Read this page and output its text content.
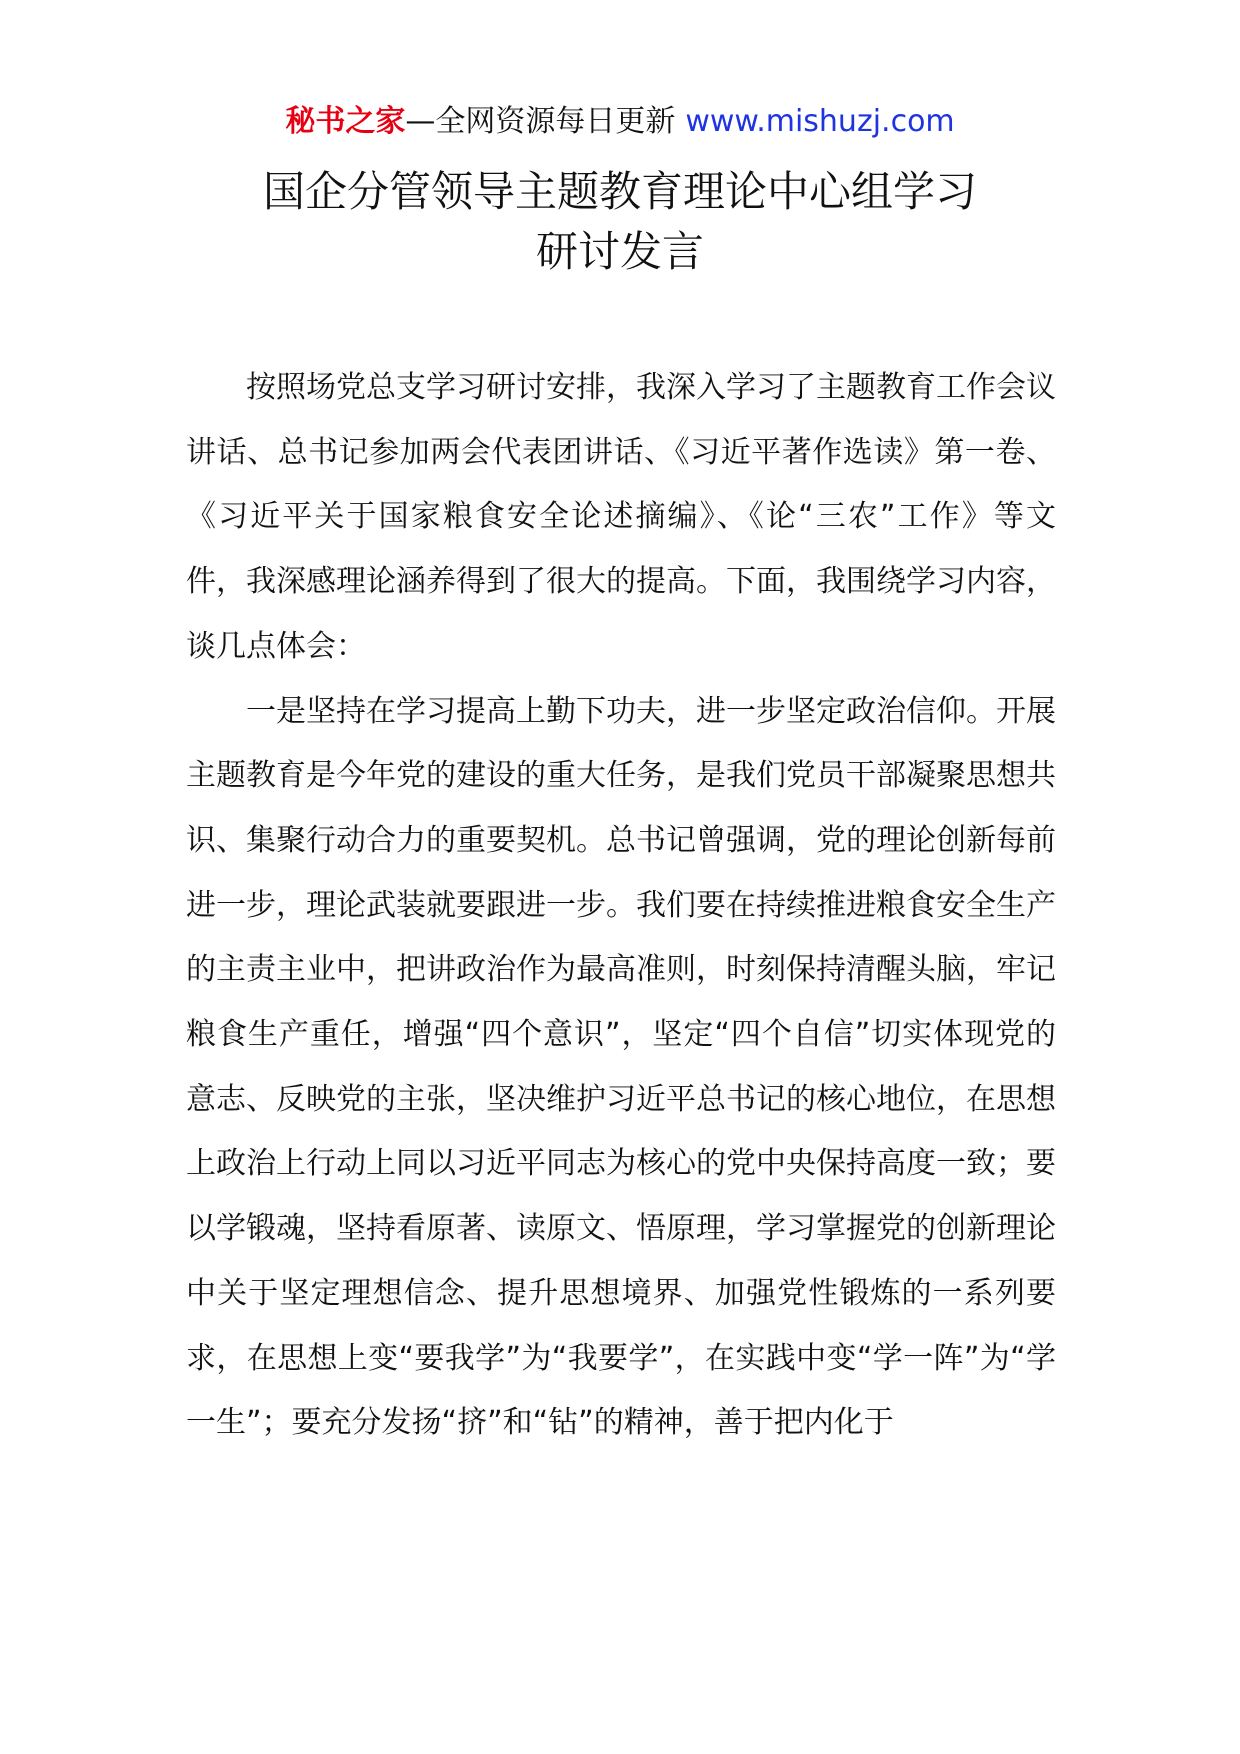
秘书之家—全网资源每日更新 www.mishuzj.com
国企分管领导主题教育理论中心组学习
研讨发言

按照场党总支学习研讨安排，我深入学习了主题教育工作会议讲话、总书记参加两会代表团讲话、《习近平著作选读》第一卷、《习近平关于国家粮食安全论述摘编》、《论“三农”工作》等文件，我深感理论涵养得到了很大的提高。下面，我围绕学习内容，谈几点体会：

一是坚持在学习提高上勤下功夫，进一步坚定政治信仰。开展主题教育是今年党的建设的重大任务，是我们党员干部凝聚思想共识、集聚行动合力的重要契机。总书记曾强调，党的理论创新每前进一步，理论武装就要跟进一步。我们要在持续推进粮食安全生产的主责主业中，把讲政治作为最高准则，时刻保持清醒头脑，牢记粮食生产重任，增强“四个意识”，坚定“四个自信”切实体现党的意志、反映党的主张，坚决维护习近平总书记的核心地位，在思想上政治上行动上同以习近平同志为核心的党中央保持高度一致；要以学锻魂，坚持看原著、读原文、悟原理，学习掌握党的创新理论中关于坚定理想信念、提升思想境界、加强党性锻炼的一系列要求，在思想上变“要我学”为“我要学”，在实践中变“学一阵”为“学一生”；要充分发扬“挤”和“钻”的精神，善于把内化于
